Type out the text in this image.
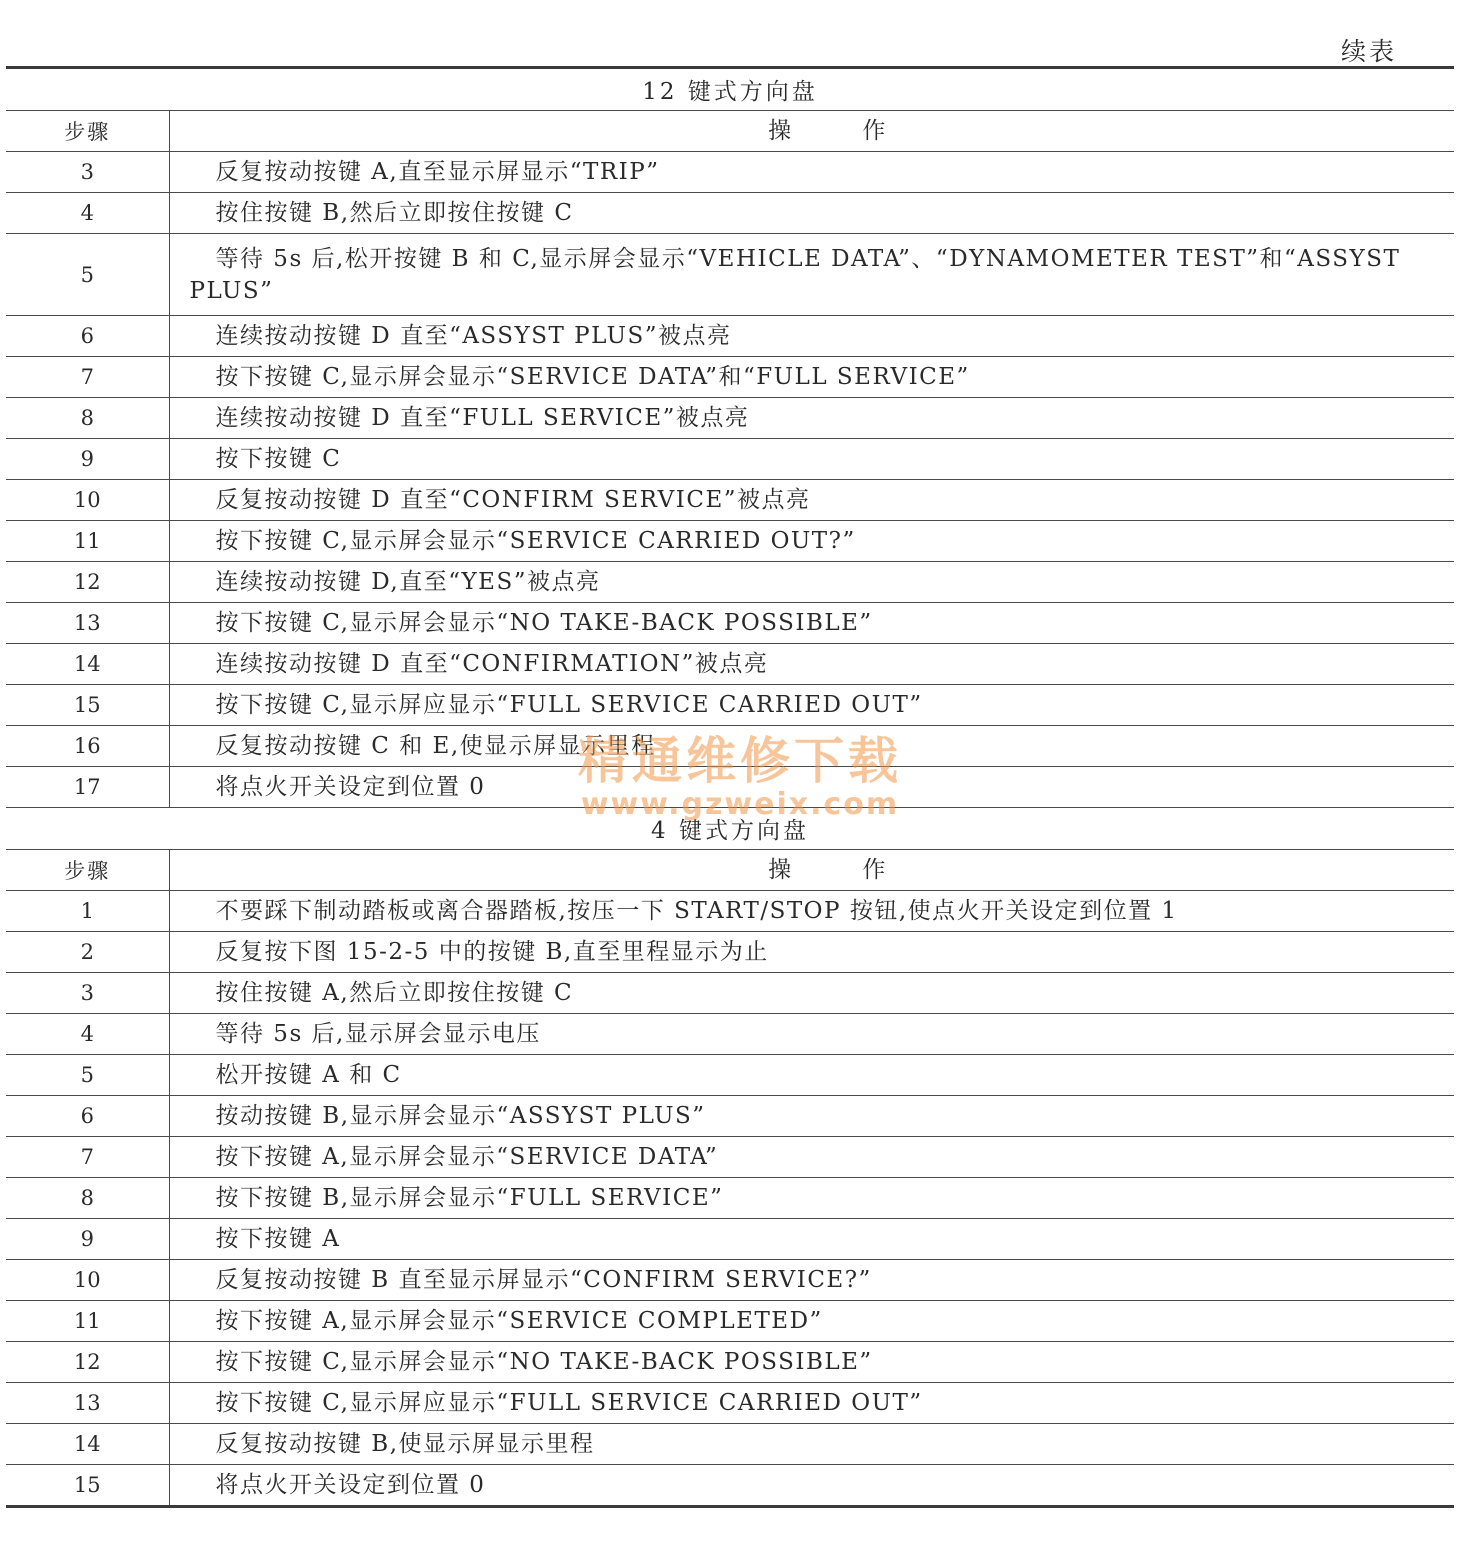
续表
12 键式方向盘	
步骤	操 作
3	反复按动按键 A,直至显示屏显示“TRIP”
4	按住按键 B,然后立即按住按键 C
5	等待 5s 后,松开按键 B 和 C,显示屏会显示“VEHICLE DATA”、“DYNAMOMETER TEST”和“ASSYST PLUS”
6	连续按动按键 D 直至“ASSYST PLUS”被点亮
7	按下按键 C,显示屏会显示“SERVICE DATA”和“FULL SERVICE”
8	连续按动按键 D 直至“FULL SERVICE”被点亮
9	按下按键 C
10	反复按动按键 D 直至“CONFIRM SERVICE”被点亮
11	按下按键 C,显示屏会显示“SERVICE CARRIED OUT?”
12	连续按动按键 D,直至“YES”被点亮
13	按下按键 C,显示屏会显示“NO TAKE-BACK POSSIBLE”
14	连续按动按键 D 直至“CONFIRMATION”被点亮
15	按下按键 C,显示屏应显示“FULL SERVICE CARRIED OUT”
16	反复按动按键 C 和 E,使显示屏显示里程
17	将点火开关设定到位置 0
4 键式方向盘	
步骤	操 作
1	不要踩下制动踏板或离合器踏板,按压一下 START/STOP 按钮,使点火开关设定到位置 1
2	反复按下图 15-2-5 中的按键 B,直至里程显示为止
3	按住按键 A,然后立即按住按键 C
4	等待 5s 后,显示屏会显示电压
5	松开按键 A 和 C
6	按动按键 B,显示屏会显示“ASSYST PLUS”
7	按下按键 A,显示屏会显示“SERVICE DATA”
8	按下按键 B,显示屏会显示“FULL SERVICE”
9	按下按键 A
10	反复按动按键 B 直至显示屏显示“CONFIRM SERVICE?”
11	按下按键 A,显示屏会显示“SERVICE COMPLETED”
12	按下按键 C,显示屏会显示“NO TAKE-BACK POSSIBLE”
13	按下按键 C,显示屏应显示“FULL SERVICE CARRIED OUT”
14	反复按动按键 B,使显示屏显示里程
15	将点火开关设定到位置 0
精通维修下载
www.gzweix.com
